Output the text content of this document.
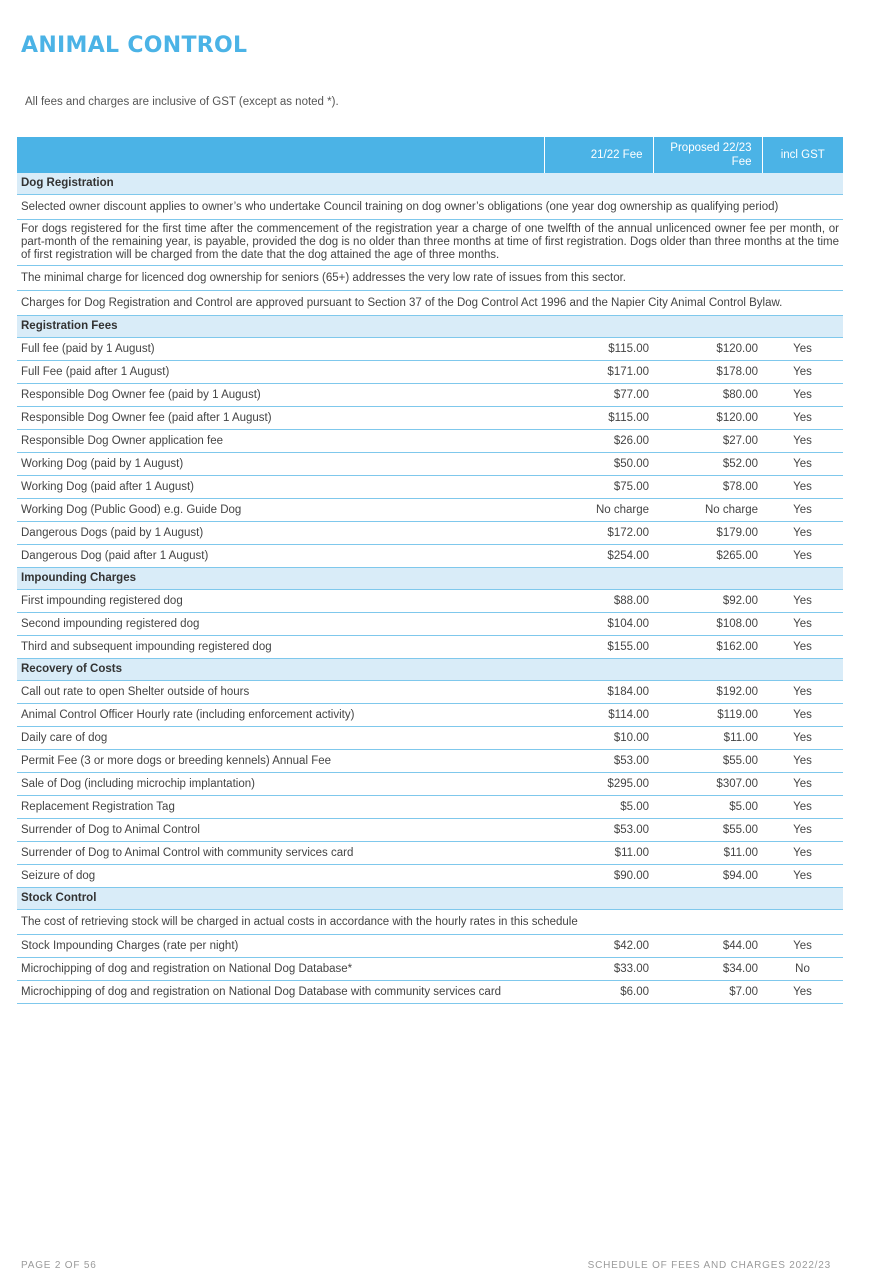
ANIMAL CONTROL
All fees and charges are inclusive of GST (except as noted *).
	21/22 Fee	Proposed 22/23 Fee	incl GST
Dog Registration			
Selected owner discount applies to owner’s who undertake Council training on dog owner’s obligations (one year dog ownership as qualifying period)			
For dogs registered for the first time after the commencement of the registration year a charge of one twelfth of the annual unlicenced owner fee per month, or part-month of the remaining year, is payable, provided the dog is no older than three months at time of first registration. Dogs older than three months at the time of first registration will be charged from the date that the dog attained the age of three months.			
The minimal charge for licenced dog ownership for seniors (65+) addresses the very low rate of issues from this sector.			
Charges for Dog Registration and Control are approved pursuant to Section 37 of the Dog Control Act 1996 and the Napier City Animal Control Bylaw.			
Registration Fees			
Full fee (paid by 1 August)	$115.00	$120.00	Yes
Full Fee (paid after 1 August)	$171.00	$178.00	Yes
Responsible Dog Owner fee (paid by 1 August)	$77.00	$80.00	Yes
Responsible Dog Owner fee (paid after 1 August)	$115.00	$120.00	Yes
Responsible Dog Owner application fee	$26.00	$27.00	Yes
Working Dog (paid by 1 August)	$50.00	$52.00	Yes
Working Dog (paid after 1 August)	$75.00	$78.00	Yes
Working Dog (Public Good) e.g. Guide Dog	No charge	No charge	Yes
Dangerous Dogs (paid by 1 August)	$172.00	$179.00	Yes
Dangerous Dog (paid after 1 August)	$254.00	$265.00	Yes
Impounding Charges			
First impounding registered dog	$88.00	$92.00	Yes
Second impounding registered dog	$104.00	$108.00	Yes
Third and subsequent impounding registered dog	$155.00	$162.00	Yes
Recovery of Costs			
Call out rate to open Shelter outside of hours	$184.00	$192.00	Yes
Animal Control Officer Hourly rate (including enforcement activity)	$114.00	$119.00	Yes
Daily care of dog	$10.00	$11.00	Yes
Permit Fee (3 or more dogs or breeding kennels) Annual Fee	$53.00	$55.00	Yes
Sale of Dog (including microchip implantation)	$295.00	$307.00	Yes
Replacement Registration Tag	$5.00	$5.00	Yes
Surrender of Dog to Animal Control	$53.00	$55.00	Yes
Surrender of Dog to Animal Control with community services card	$11.00	$11.00	Yes
Seizure of dog	$90.00	$94.00	Yes
Stock Control			
The cost of retrieving stock will be charged in actual costs in accordance with the hourly rates in this schedule			
Stock Impounding Charges (rate per night)	$42.00	$44.00	Yes
Microchipping of dog and registration on National Dog Database*	$33.00	$34.00	No
Microchipping of dog and registration on National Dog Database with community services card	$6.00	$7.00	Yes
PAGE 2 OF 56	SCHEDULE OF FEES AND CHARGES 2022/23
